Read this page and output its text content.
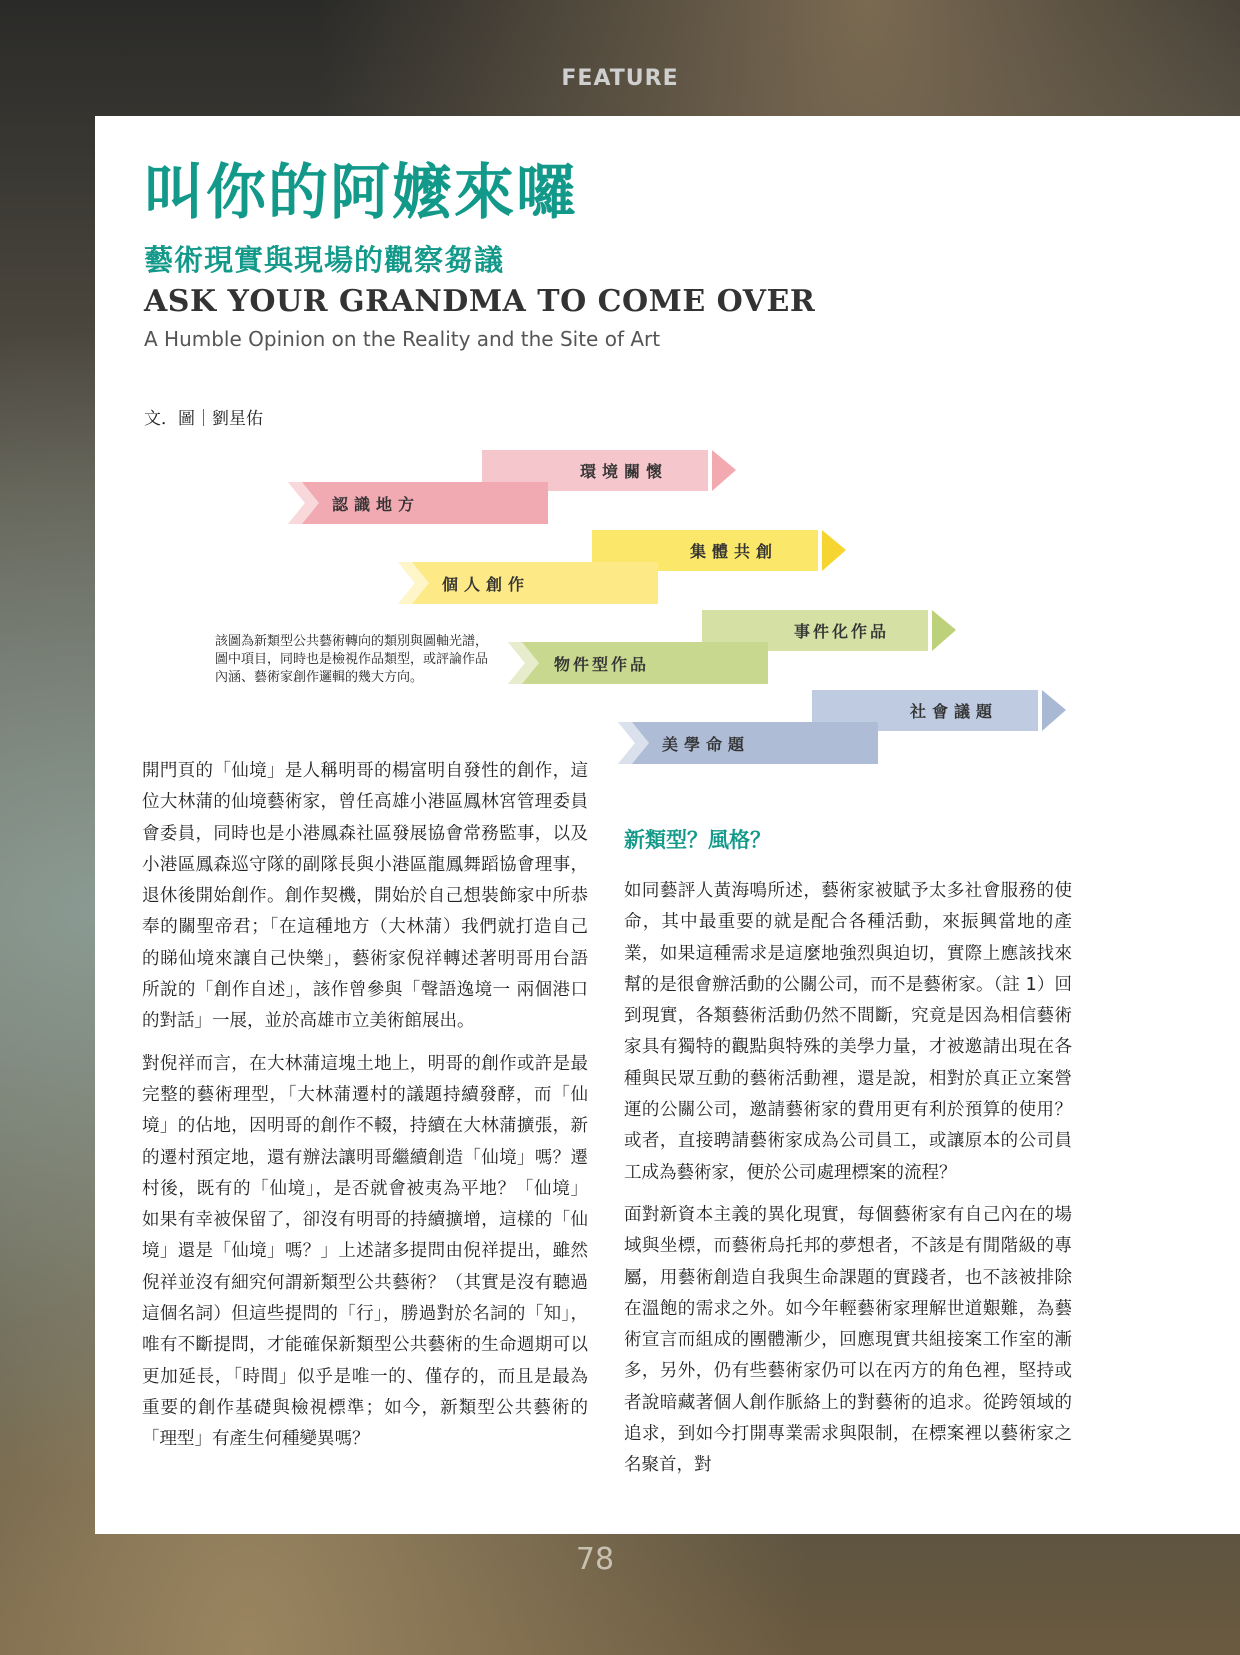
FEATURE
叫你的阿嬤來囉
藝術現實與現場的觀察芻議
ASK YOUR GRANDMA TO COME OVER
A Humble Opinion on the Reality and the Site of Art
文．圖｜劉星佑
環境關懷
認識地方
集體共創
個人創作
事件化作品
物件型作品
社會議題
美學命題
該圖為新類型公共藝術轉向的類別與圖軸光譜，圖中項目，同時也是檢視作品類型，或評論作品內涵、藝術家創作邏輯的幾大方向。

開門頁的「仙境」是人稱明哥的楊富明自發性的創作，這位大林蒲的仙境藝術家，曾任高雄小港區鳳林宮管理委員會委員，同時也是小港鳳森社區發展協會常務監事，以及小港區鳳森巡守隊的副隊長與小港區龍鳳舞蹈協會理事，退休後開始創作。創作契機，開始於自己想裝飾家中所恭奉的關聖帝君；「在這種地方（大林蒲）我們就打造自己的睇仙境來讓自己快樂」，藝術家倪祥轉述著明哥用台語所說的「創作自述」，該作曾參與「聲語逸境一 兩個港口的對話」一展，並於高雄市立美術館展出。

對倪祥而言，在大林蒲這塊土地上，明哥的創作或許是最完整的藝術理型，「大林蒲遷村的議題持續發酵，而「仙境」的佔地，因明哥的創作不輟，持續在大林蒲擴張，新的遷村預定地，還有辦法讓明哥繼續創造「仙境」嗎？遷村後，既有的「仙境」，是否就會被夷為平地？「仙境」如果有幸被保留了，卻沒有明哥的持續擴增，這樣的「仙境」還是「仙境」嗎？」上述諸多提問由倪祥提出，雖然倪祥並沒有細究何謂新類型公共藝術？（其實是沒有聽過這個名詞）但這些提問的「行」，勝過對於名詞的「知」，唯有不斷提問，才能確保新類型公共藝術的生命週期可以更加延長，「時間」似乎是唯一的、僅存的，而且是最為重要的創作基礎與檢視標準；如今，新類型公共藝術的「理型」有產生何種變異嗎？

新類型？風格？

如同藝評人黃海鳴所述，藝術家被賦予太多社會服務的使命，其中最重要的就是配合各種活動，來振興當地的產業，如果這種需求是這麼地強烈與迫切，實際上應該找來幫的是很會辦活動的公關公司，而不是藝術家。（註 1）回到現實，各類藝術活動仍然不間斷，究竟是因為相信藝術家具有獨特的觀點與特殊的美學力量，才被邀請出現在各種與民眾互動的藝術活動裡，還是說，相對於真正立案營運的公關公司，邀請藝術家的費用更有利於預算的使用？或者，直接聘請藝術家成為公司員工，或讓原本的公司員工成為藝術家，便於公司處理標案的流程？

面對新資本主義的異化現實，每個藝術家有自己內在的場域與坐標，而藝術烏托邦的夢想者，不該是有閒階級的專屬，用藝術創造自我與生命課題的實踐者，也不該被排除在溫飽的需求之外。如今年輕藝術家理解世道艱難，為藝術宣言而組成的團體漸少，回應現實共組接案工作室的漸多，另外，仍有些藝術家仍可以在丙方的角色裡，堅持或者說暗藏著個人創作脈絡上的對藝術的追求。從跨領域的追求，到如今打開專業需求與限制，在標案裡以藝術家之名聚首，對

78
